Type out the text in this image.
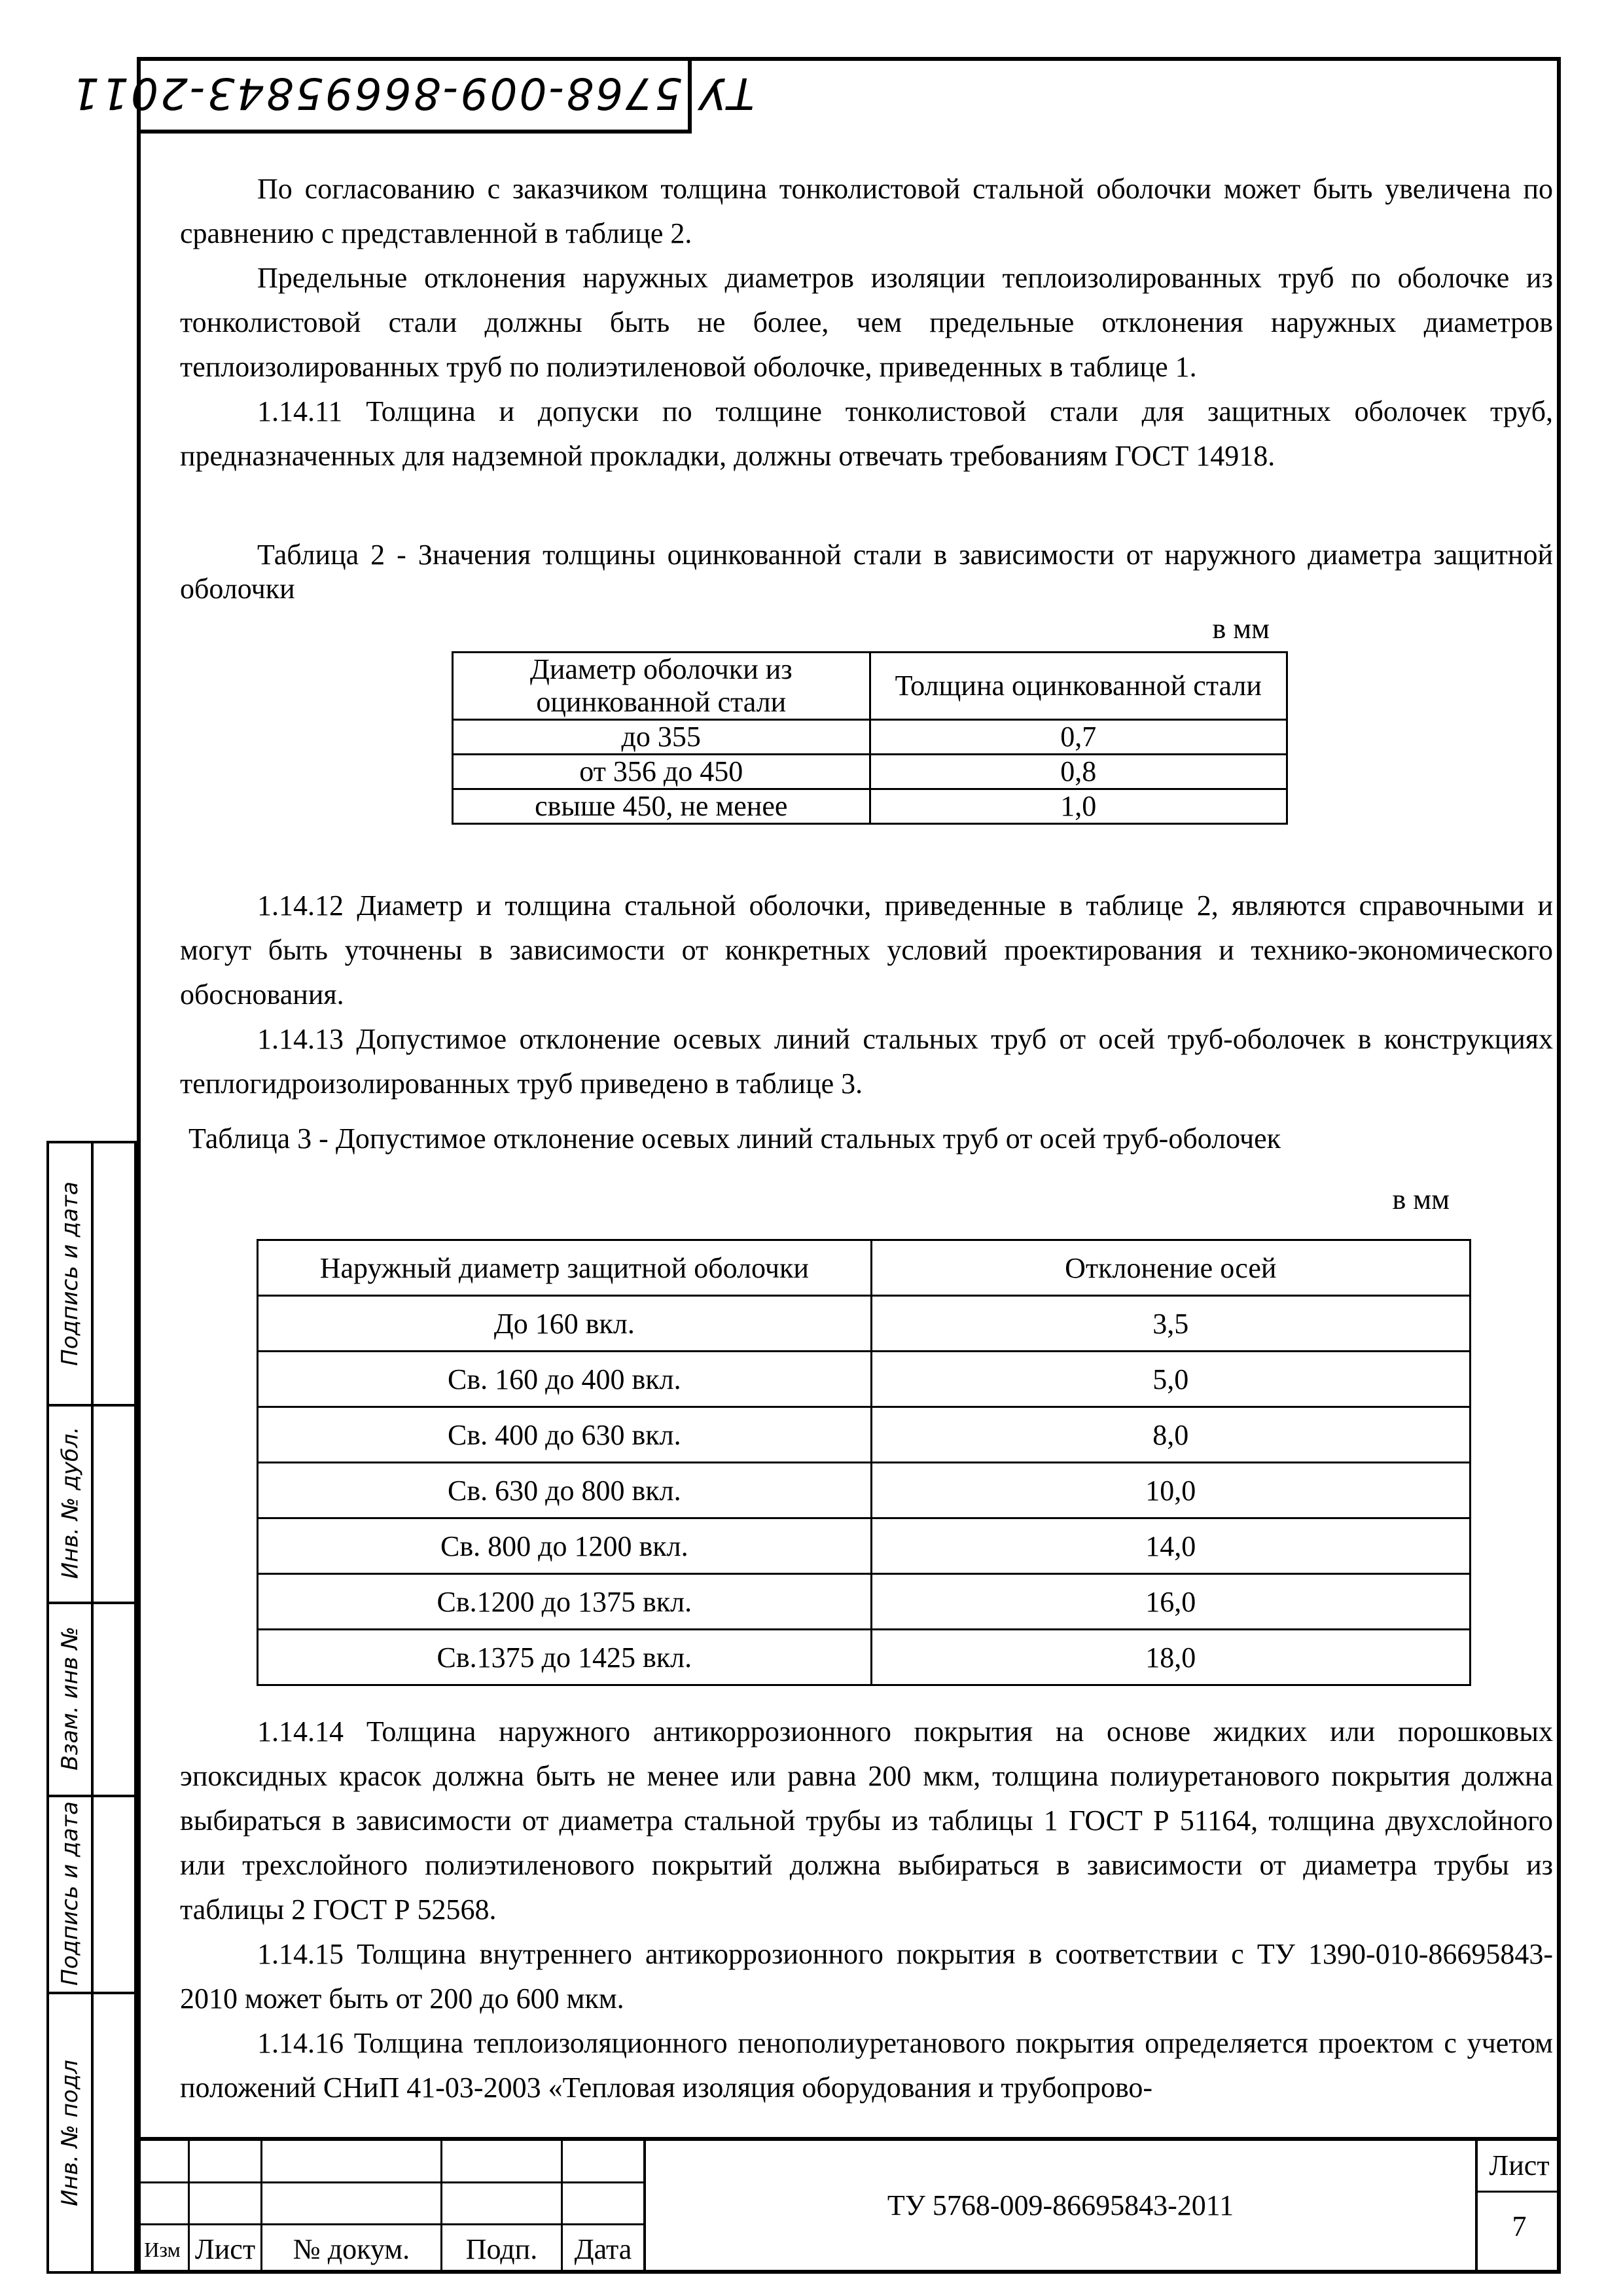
ТУ 5768-009-86695843-2011

По согласованию с заказчиком толщина тонколистовой стальной оболочки может быть увеличена по сравнению с представленной в таблице 2.

Предельные отклонения наружных диаметров изоляции теплоизолированных труб по оболочке из тонколистовой стали должны быть не более, чем предельные отклонения наружных диаметров теплоизолированных труб по полиэтиленовой оболочке, приведенных в таблице 1.

1.14.11 Толщина и допуски по толщине тонколистовой стали для защитных оболочек труб, предназначенных для надземной прокладки, должны отвечать требованиям ГОСТ 14918.

Таблица 2 - Значения толщины оцинкованной стали в зависимости от наружного диаметра защитной оболочки

в мм
Диаметр оболочки из оцинкованной стали	Толщина оцинкованной стали
до 355	0,7
от 356 до 450	0,8
свыше 450, не менее	1,0

1.14.12 Диаметр и толщина стальной оболочки, приведенные в таблице 2, являются справочными и могут быть уточнены в зависимости от конкретных условий проектирования и технико-экономического обоснования.

1.14.13 Допустимое отклонение осевых линий стальных труб от осей труб-оболочек в конструкциях теплогидроизолированных труб приведено в таблице 3.

Таблица 3 - Допустимое отклонение осевых линий стальных труб от осей труб-оболочек
в мм
Наружный диаметр защитной оболочки	Отклонение осей
До 160 вкл.	3,5
Св. 160 до 400 вкл.	5,0
Св. 400 до 630 вкл.	8,0
Св. 630 до 800 вкл.	10,0
Св. 800 до 1200 вкл.	14,0
Св.1200 до 1375 вкл.	16,0
Св.1375 до 1425 вкл.	18,0

1.14.14 Толщина наружного антикоррозионного покрытия на основе жидких или порошковых эпоксидных красок должна быть не менее или равна 200 мкм, толщина полиуретанового покрытия должна выбираться в зависимости от диаметра стальной трубы из таблицы 1 ГОСТ Р 51164, толщина двухслойного или трехслойного полиэтиленового покрытий должна выбираться в зависимости от диаметра трубы из таблицы 2 ГОСТ Р 52568.

1.14.15 Толщина внутреннего антикоррозионного покрытия в соответствии с ТУ 1390-010-86695843-2010 может быть от 200 до 600 мкм.

1.14.16 Толщина теплоизоляционного пенополиуретанового покрытия определяется проектом с учетом положений СНиП 41-03-2003 «Тепловая изоляция оборудования и трубопрово-

Подпись и дата
Инв. № дубл.
Взам. инв №
Подпись и дата
Инв. № подл
Изм Лист	№ докум.	Подп.	Дата
ТУ 5768-009-86695843-2011
Лист
7
